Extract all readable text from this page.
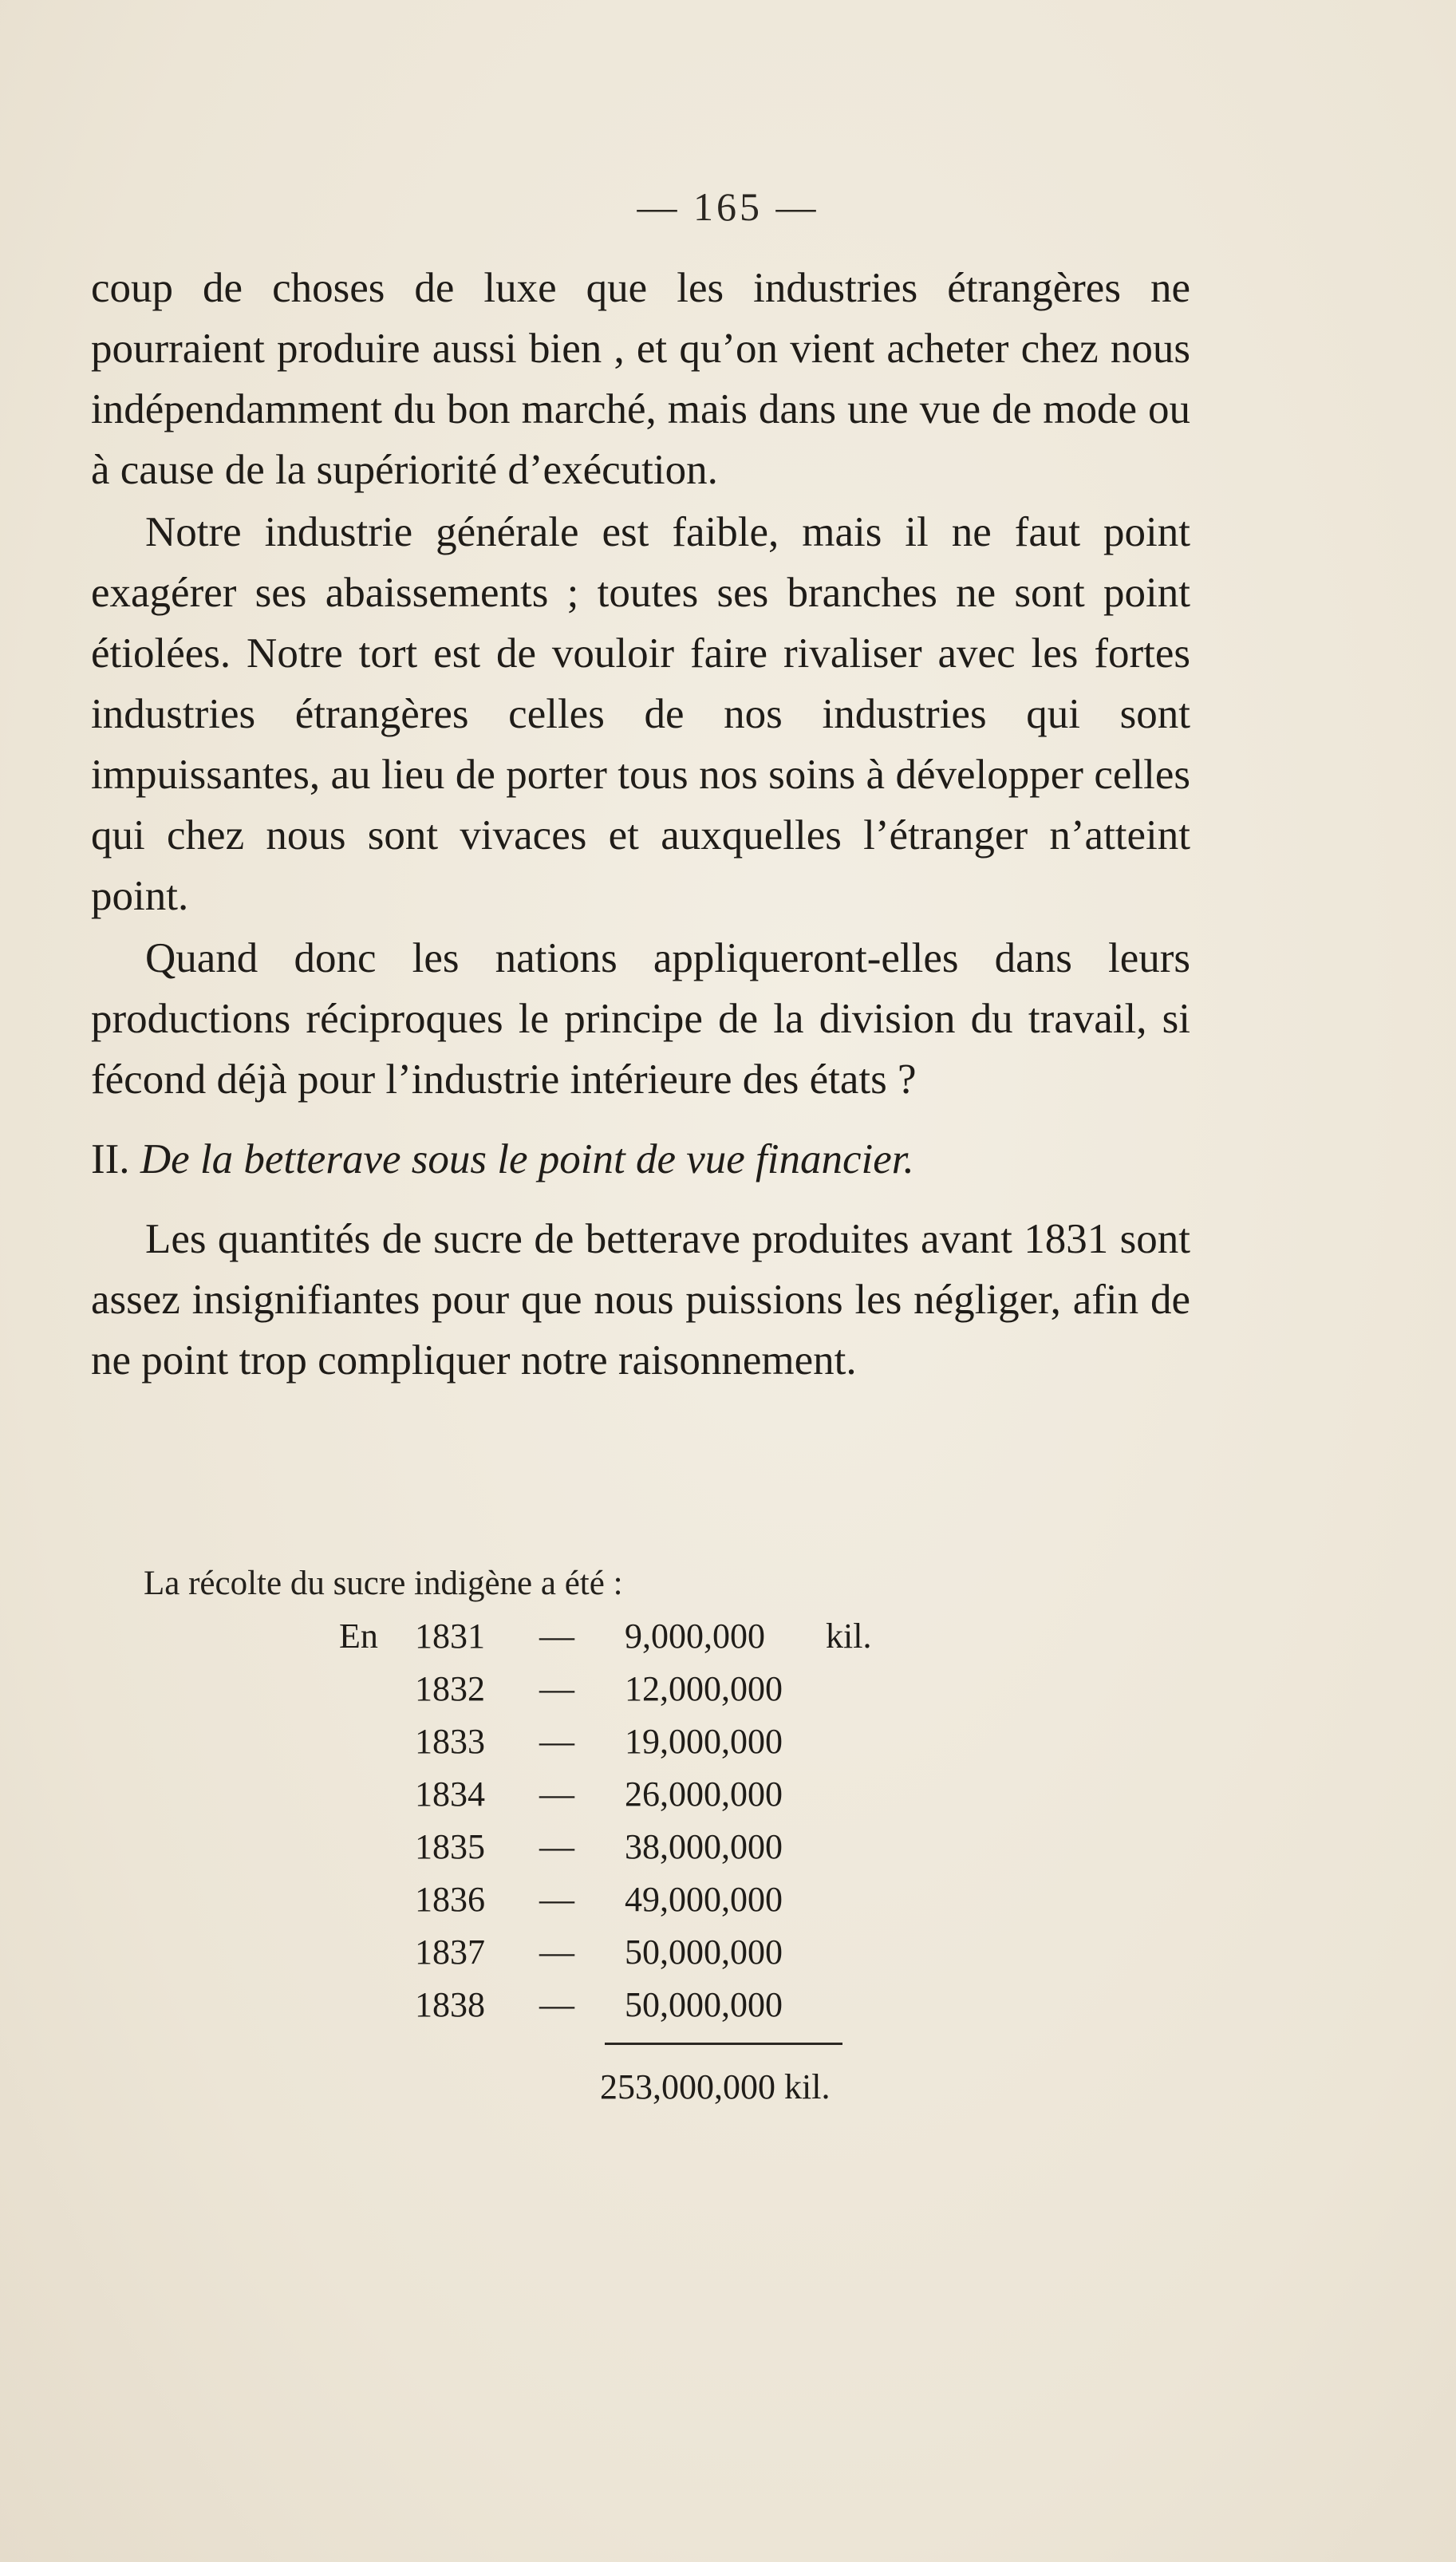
— 165 —
coup de choses de luxe que les industries étrangères ne pourraient produire aussi bien , et qu’on vient acheter chez nous indépendamment du bon marché, mais dans une vue de mode ou à cause de la supériorité d’exécution.
Notre industrie générale est faible, mais il ne faut point exagérer ses abaissements ; toutes ses branches ne sont point étiolées. Notre tort est de vouloir faire rivaliser avec les fortes industries étrangères celles de nos industries qui sont impuissantes, au lieu de porter tous nos soins à développer celles qui chez nous sont vivaces et auxquelles l’étranger n’atteint point.
Quand donc les nations appliqueront-elles dans leurs productions réciproques le principe de la division du travail, si fécond déjà pour l’industrie intérieure des états ?
II. De la betterave sous le point de vue financier.
Les quantités de sucre de betterave produites avant 1831 sont assez insignifiantes pour que nous puissions les négliger, afin de ne point trop compliquer notre raisonnement.
La récolte du sucre indigène a été :
En	1831	—	9,000,000	kil.
1832	—	12,000,000
1833	—	19,000,000
1834	—	26,000,000
1835	—	38,000,000
1836	—	49,000,000
1837	—	50,000,000
1838	—	50,000,000
253,000,000 kil.
